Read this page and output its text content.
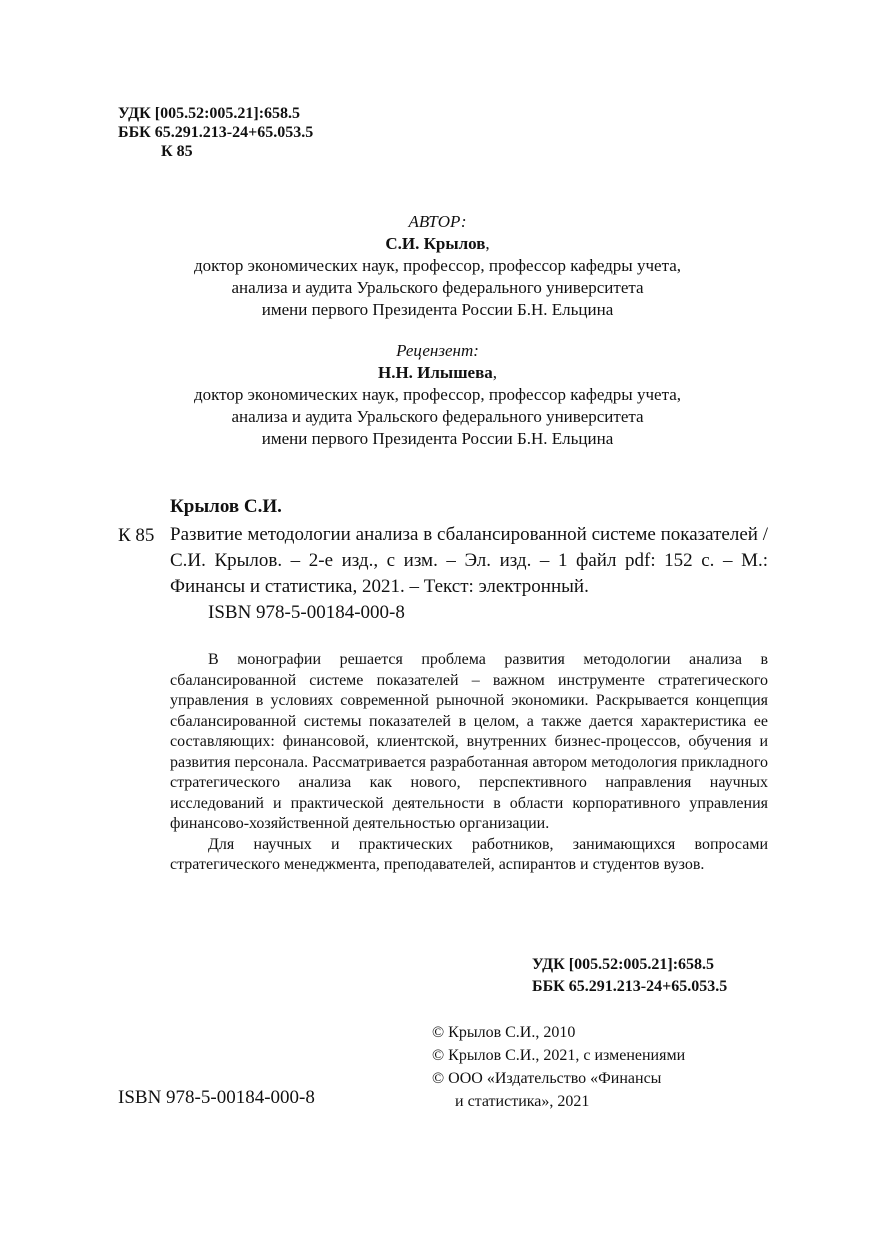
УДК [005.52:005.21]:658.5
ББК 65.291.213-24+65.053.5
К 85
АВТОР:
С.И. Крылов,
доктор экономических наук, профессор, профессор кафедры учета,
анализа и аудита Уральского федерального университета
имени первого Президента России Б.Н. Ельцина
Рецензент:
Н.Н. Илышева,
доктор экономических наук, профессор, профессор кафедры учета,
анализа и аудита Уральского федерального университета
имени первого Президента России Б.Н. Ельцина
Крылов С.И.
К 85 Развитие методологии анализа в сбалансированной системе показателей / С.И. Крылов. – 2-е изд., с изм. – Эл. изд. – 1 файл pdf: 152 с. – М.: Финансы и статистика, 2021. – Текст: электронный.

ISBN 978-5-00184-000-8

В монографии решается проблема развития методологии анализа в сбалансированной системе показателей – важном инструменте стратегического управления в условиях современной рыночной экономики. Раскрывается концепция сбалансированной системы показателей в целом, а также дается характеристика ее составляющих: финансовой, клиентской, внутренних бизнес-процессов, обучения и развития персонала. Рассматривается разработанная автором методология прикладного стратегического анализа как нового, перспективного направления научных исследований и практической деятельности в области корпоративного управления финансово-хозяйственной деятельностью организации.

Для научных и практических работников, занимающихся вопросами стратегического менеджмента, преподавателей, аспирантов и студентов вузов.

УДК [005.52:005.21]:658.5
ББК 65.291.213-24+65.053.5
© Крылов С.И., 2010
© Крылов С.И., 2021, с изменениями
© ООО «Издательство «Финансы
и статистика», 2021
ISBN 978-5-00184-000-8
